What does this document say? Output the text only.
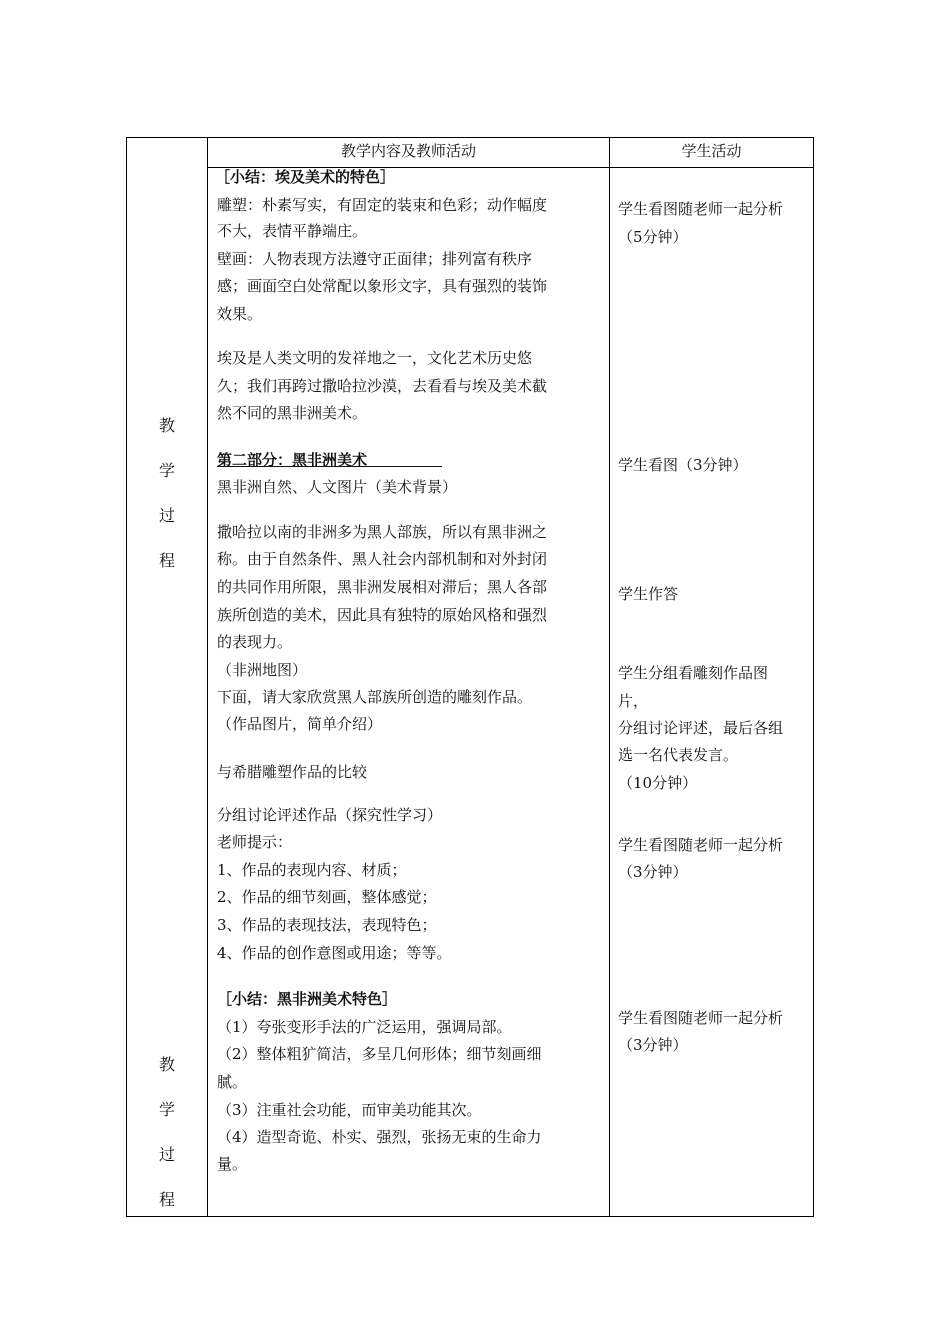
教学内容及教师活动	学生活动
教
学
过
程
教
学
过
程
［小结：埃及美术的特色］
雕塑：朴素写实，有固定的装束和色彩；动作幅度
不大，表情平静端庄。
壁画：人物表现方法遵守正面律；排列富有秩序
感；画面空白处常配以象形文字，具有强烈的装饰
效果。
埃及是人类文明的发祥地之一，文化艺术历史悠
久；我们再跨过撒哈拉沙漠，去看看与埃及美术截
然不同的黑非洲美术。
第二部分：黑非洲美术　　　　　
黑非洲自然、人文图片（美术背景）
撒哈拉以南的非洲多为黑人部族，所以有黑非洲之
称。由于自然条件、黑人社会内部机制和对外封闭
的共同作用所限，黑非洲发展相对滞后；黑人各部
族所创造的美术，因此具有独特的原始风格和强烈
的表现力。
（非洲地图）
下面，请大家欣赏黑人部族所创造的雕刻作品。
（作品图片，简单介绍）
与希腊雕塑作品的比较
分组讨论评述作品（探究性学习）
老师提示：
1、作品的表现内容、材质；
2、作品的细节刻画，整体感觉；
3、作品的表现技法，表现特色；
4、作品的创作意图或用途；等等。
［小结：黑非洲美术特色］
（1）夸张变形手法的广泛运用，强调局部。
（2）整体粗犷简洁，多呈几何形体；细节刻画细
腻。
（3）注重社会功能，而审美功能其次。
（4）造型奇诡、朴实、强烈，张扬无束的生命力
量。
学生看图随老师一起分析
（5分钟）
学生看图（3分钟）
学生作答
学生分组看雕刻作品图
片，
分组讨论评述，最后各组
选一名代表发言。
（10分钟）
学生看图随老师一起分析
（3分钟）
学生看图随老师一起分析
（3分钟）
